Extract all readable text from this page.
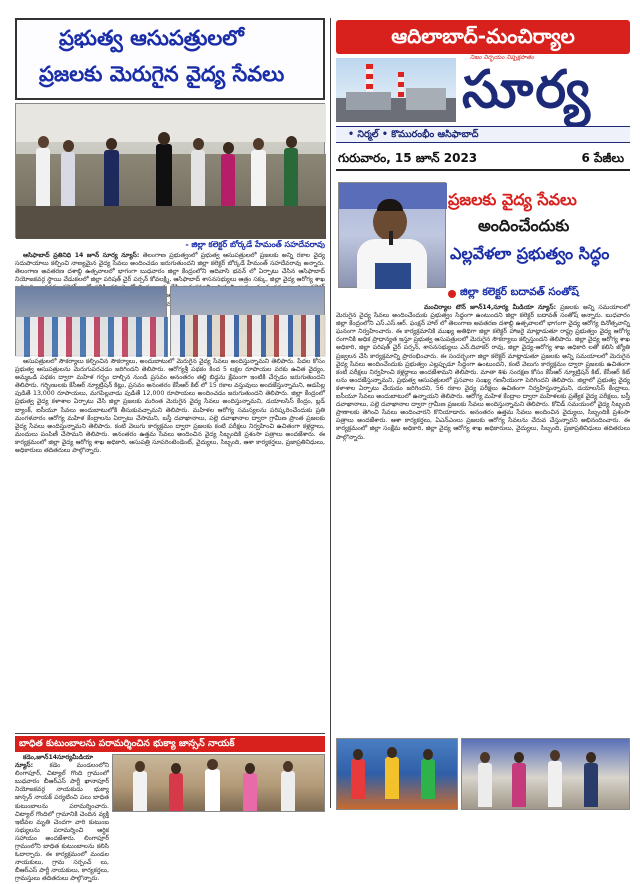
ప్రభుత్వ ఆసుపత్రులలో
ప్రజలకు మెరుగైన వైద్య సేవలు
- జిల్లా కలెక్టర్ బోర్కడే హేమంత్ సహదేవరావు

ఆసిఫాబాద్ ప్రతినిధి 14 జూన్ సూర్య న్యూస్: తెలంగాణ ప్రభుత్వంలో ప్రభుత్వ ఆసుపత్రులలో ప్రజలకు అన్ని రకాల వైద్య సదుపాయాలు కల్పించి నాణ్యమైన వైద్య సేవలు అందించడం జరుగుతుందని జిల్లా కలెక్టర్ బోర్కడే హేమంత్ సహదేవరావు అన్నారు. తెలంగాణ అవతరణ దశాబ్ది ఉత్సవాలలో భాగంగా బుధవారం జిల్లా కేంద్రంలోని ఆదివాసి భవన్ లో ఏర్పాటు చేసిన ఆసిఫాబాద్ నియోజకవర్గ స్థాయి వేడుకలలో జిల్లా పరిషత్ చైర్ పర్సన్ కోవలక్ష్మి, ఆసిఫాబాద్ శాసనసభ్యులు ఆత్రం సక్కు, జిల్లా వైద్య ఆరోగ్య శాఖ

ఆసుపత్రులలో సౌకర్యాలు కల్పించిన సౌకర్యాలు, అందుబాటులో మెరుగైన వైద్య సేవలు అందిస్తున్నామని తెలిపారు. పేదల కోసం ప్రభుత్వ ఆసుపత్రులను మెరుగుపరచడం జరిగిందని తెలిపారు. ఆరోగ్యశ్రీ పథకం కింద 5 లక్షల రూపాయల వరకు ఉచిత వైద్యం, అమ్మఒడి పథకం ద్వారా మహిళ గర్భం దాల్చిన నుండి ప్రసవం అనంతరం తల్లి బిడ్డను క్షేమంగా ఇంటికి చేర్చడం జరుగుతుందని తెలిపారు. గర్భిణులకు కేసీఆర్ న్యూట్రిషన్ కిట్లు, ప్రసవం అనంతరం కేసీఆర్ కిట్ లో 15 రకాల వస్తువులు అందజేస్తున్నామని, ఆడపిల్ల పుడితే 13,000 రూపాయలు, మగపిల్లవాడు పుడితే 12,000 రూపాయలు అందించడం జరుగుతుందని తెలిపారు. జిల్లా కేంద్రంలో ప్రభుత్వ వైద్య కళాశాల ఏర్పాటు చేసి జిల్లా ప్రజలకు మరింత మెరుగైన వైద్య సేవలు అందిస్తున్నామని, డయాలసిస్ కేంద్రం, బ్లడ్ బ్యాంక్, ఐసీయూ సేవలు అందుబాటులోకి తీసుకువచ్చామని తెలిపారు. మహిళల ఆరోగ్య సమస్యలను పరిష్కరించేందుకు ప్రతి మంగళవారం ఆరోగ్య మహిళ కేంద్రాలను ఏర్పాటు చేసామని, బస్తీ దవాఖానాలు, పల్లె దవాఖానాల ద్వారా గ్రామీణ ప్రాంత ప్రజలకు వైద్య సేవలు అందిస్తున్నామని తెలిపారు. కంటి వెలుగు కార్యక్రమం ద్వారా ప్రజలకు కంటి పరీక్షలు నిర్వహించి ఉచితంగా కళ్లద్దాలు, మందులు పంపిణీ చేసామని తెలిపారు. అనంతరం ఉత్తమ సేవలు అందించిన వైద్య సిబ్బందికి ప్రశంసా పత్రాలు అందజేశారు. ఈ కార్యక్రమంలో జిల్లా వైద్య ఆరోగ్య శాఖ అధికారి, ఆసుపత్రి సూపరింటెండెంట్, వైద్యులు, సిబ్బంది, ఆశా కార్యకర్తలు, ప్రజాప్రతినిధులు, అధికారులు తదితరులు పాల్గొన్నారు.

ఆదిలాబాద్-మంచిర్యాల
నిజం నిర్భయం నిష్పక్షపాతం
సూర్య
• నిర్మల్ • కొమురంభీం ఆసిఫాబాద్
గురువారం, 15 జూన్ 2023	6 పేజీలు
ప్రజలకు వైద్య సేవలు
అందించేందుకు
ఎల్లవేళలా ప్రభుత్వం సిద్ధం
జిల్లా కలెక్టర్ బదావత్ సంతోష్

మంచిర్యాల టౌన్ జూన్14,సూర్య మీడియా న్యూస్: ప్రజలకు అన్ని సమయాలలో మెరుగైన వైద్య సేవలు అందించేందుకు ప్రభుత్వం సిద్ధంగా ఉంటుందని జిల్లా కలెక్టర్ బదావత్ సంతోష్ అన్నారు. బుధవారం జిల్లా కేంద్రంలోని ఎస్.ఎస్.ఆర్. ఫంక్షన్ హాల్ లో తెలంగాణ అవతరణ దశాబ్ది ఉత్సవాలలో భాగంగా వైద్య ఆరోగ్య దినోత్సవాన్ని ఘనంగా నిర్వహించారు. ఈ కార్యక్రమానికి ముఖ్య అతిథిగా జిల్లా కలెక్టర్ హాజరై మాట్లాడుతూ రాష్ట్ర ప్రభుత్వం వైద్య ఆరోగ్య రంగానికి అధిక ప్రాధాన్యత ఇస్తూ ప్రభుత్వ ఆసుపత్రులలో మెరుగైన సౌకర్యాలు కల్పిస్తుందని తెలిపారు. జిల్లా వైద్య ఆరోగ్య శాఖ అధికారి, జిల్లా పరిషత్ చైర్ పర్సన్, శాసనసభ్యులు ఎన్.దివాకర్ రావు, జిల్లా వైద్య-ఆరోగ్య శాఖ అధికారి లతో కలిసి జ్యోతి ప్రజ్వలన చేసి కార్యక్రమాన్ని ప్రారంభించారు. ఈ సందర్భంగా జిల్లా కలెక్టర్ మాట్లాడుతూ ప్రజలకు అన్ని సమయాలలో మెరుగైన వైద్య సేవలు అందించేందుకు ప్రభుత్వం ఎల్లప్పుడూ సిద్ధంగా ఉంటుందని, కంటి వెలుగు కార్యక్రమం ద్వారా ప్రజలకు ఉచితంగా కంటి పరీక్షలు నిర్వహించి కళ్లద్దాలు అందజేశామని తెలిపారు. మాతా శిశు సంరక్షణ కోసం కేసీఆర్ న్యూట్రిషన్ కిట్, కేసీఆర్ కిట్ లను అందజేస్తున్నామని, ప్రభుత్వ ఆసుపత్రులలో ప్రసవాల సంఖ్య గణనీయంగా పెరిగిందని తెలిపారు. జిల్లాలో ప్రభుత్వ వైద్య కళాశాల ఏర్పాటు చేయడం జరిగిందని, 56 రకాల వైద్య పరీక్షలు ఉచితంగా నిర్వహిస్తున్నామని, డయాలసిస్ కేంద్రాలు, ఐసీయూ సేవలు అందుబాటులో ఉన్నాయని తెలిపారు. ఆరోగ్య మహిళ కేంద్రాల ద్వారా మహిళలకు ప్రత్యేక వైద్య పరీక్షలు, బస్తీ దవాఖానాలు, పల్లె దవాఖానాల ద్వారా గ్రామీణ ప్రజలకు సేవలు అందిస్తున్నామని తెలిపారు. కోవిడ్ సమయంలో వైద్య సిబ్బంది ప్రాణాలకు తెగించి సేవలు అందించారని కొనియాడారు. అనంతరం ఉత్తమ సేవలు అందించిన వైద్యులు, సిబ్బందికి ప్రశంసా పత్రాలు అందజేశారు. ఆశా కార్యకర్తలు, ఏఎన్ఎంలు ప్రజలకు ఆరోగ్య సేవలను చేరువ చేస్తున్నారని అభినందించారు. ఈ కార్యక్రమంలో జిల్లా సంక్షేమ అధికారి, జిల్లా వైద్య ఆరోగ్య శాఖ అధికారులు, వైద్యులు, సిబ్బంది, ప్రజాప్రతినిధులు తదితరులు పాల్గొన్నారు.

బాధిత కుటుంబాలను పరామర్శించిన భుక్యా జాన్సన్ నాయక్

కడెం,జూన్14సూర్యమీడియా న్యూస్:	కడెం మండలంలోని లింగాపూర్, చిట్యాల్ గొంది గ్రామంలో బుధవారం బీఆర్ఎస్ పార్టీ ఖానాపూర్ నియోజకవర్గ నాయకుడు భుక్యా జాన్సన్ నాయక్ పర్యటించి పలు బాధిత కుటుంబాలను పరామర్శించారు. చిట్యాల్ గొందిలో గ్రామానికి చెందిన వ్యక్తి ఇటీవల మృతి చెందగా వారి కుటుంబ సభ్యులను పరామర్శించి ఆర్థిక సహాయం అందజేశారు. లింగాపూర్ గ్రామంలోని బాధిత కుటుంబాలను కలిసి ఓదార్చారు. ఈ కార్యక్రమంలో మండల నాయకులు, గ్రామ సర్పంచ్ లు, బీఆర్ఎస్ పార్టీ నాయకులు, కార్యకర్తలు, గ్రామస్తులు తదితరులు పాల్గొన్నారు.
